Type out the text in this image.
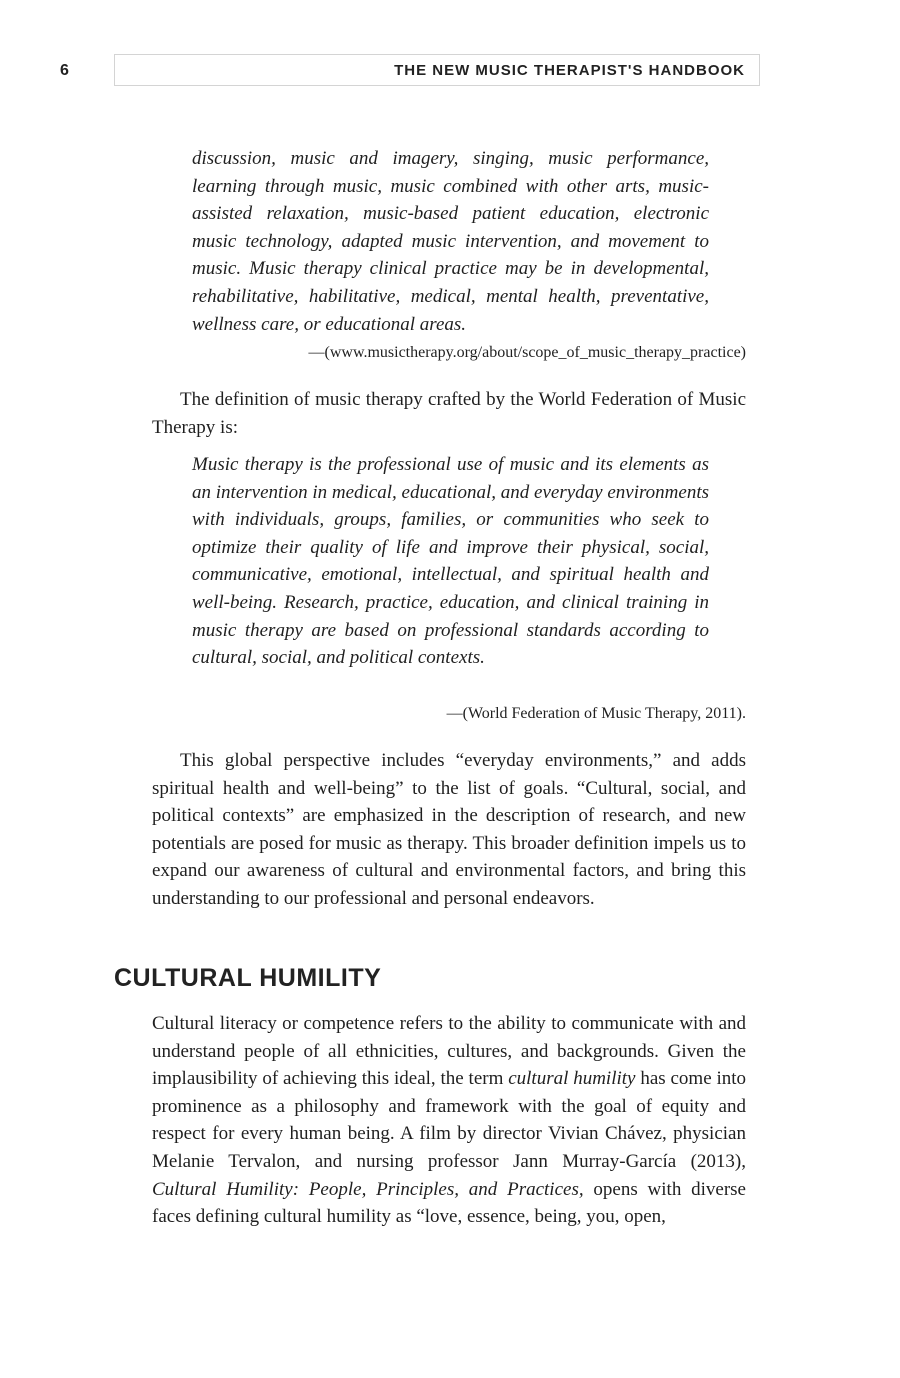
6	THE NEW MUSIC THERAPIST'S HANDBOOK

discussion, music and imagery, singing, music performance, learning through music, music combined with other arts, music-assisted relaxation, music-based patient education, electronic music technology, adapted music intervention, and movement to music. Music therapy clinical practice may be in developmental, rehabilitative, habilitative, medical, mental health, preventative, wellness care, or educational areas.

—(www.musictherapy.org/about/scope_of_music_therapy_practice)

The definition of music therapy crafted by the World Federation of Music Therapy is:

Music therapy is the professional use of music and its elements as an intervention in medical, educational, and everyday environments with individuals, groups, families, or communities who seek to optimize their quality of life and improve their physical, social, communicative, emotional, intellectual, and spiritual health and well-being. Research, practice, education, and clinical training in music therapy are based on professional standards according to cultural, social, and political contexts.

—(World Federation of Music Therapy, 2011).

This global perspective includes “everyday environments,” and adds spiritual health and well-being” to the list of goals. “Cultural, social, and political contexts” are emphasized in the description of research, and new potentials are posed for music as therapy. This broader definition impels us to expand our awareness of cultural and environmental factors, and bring this understanding to our professional and personal endeavors.

CULTURAL HUMILITY

Cultural literacy or competence refers to the ability to communicate with and understand people of all ethnicities, cultures, and backgrounds. Given the implausibility of achieving this ideal, the term cultural humility has come into prominence as a philosophy and framework with the goal of equity and respect for every human being. A film by director Vivian Chávez, physician Melanie Tervalon, and nursing professor Jann Murray-García (2013), Cultural Humility: People, Principles, and Practices, opens with diverse faces defining cultural humility as “love, essence, being, you, open,
